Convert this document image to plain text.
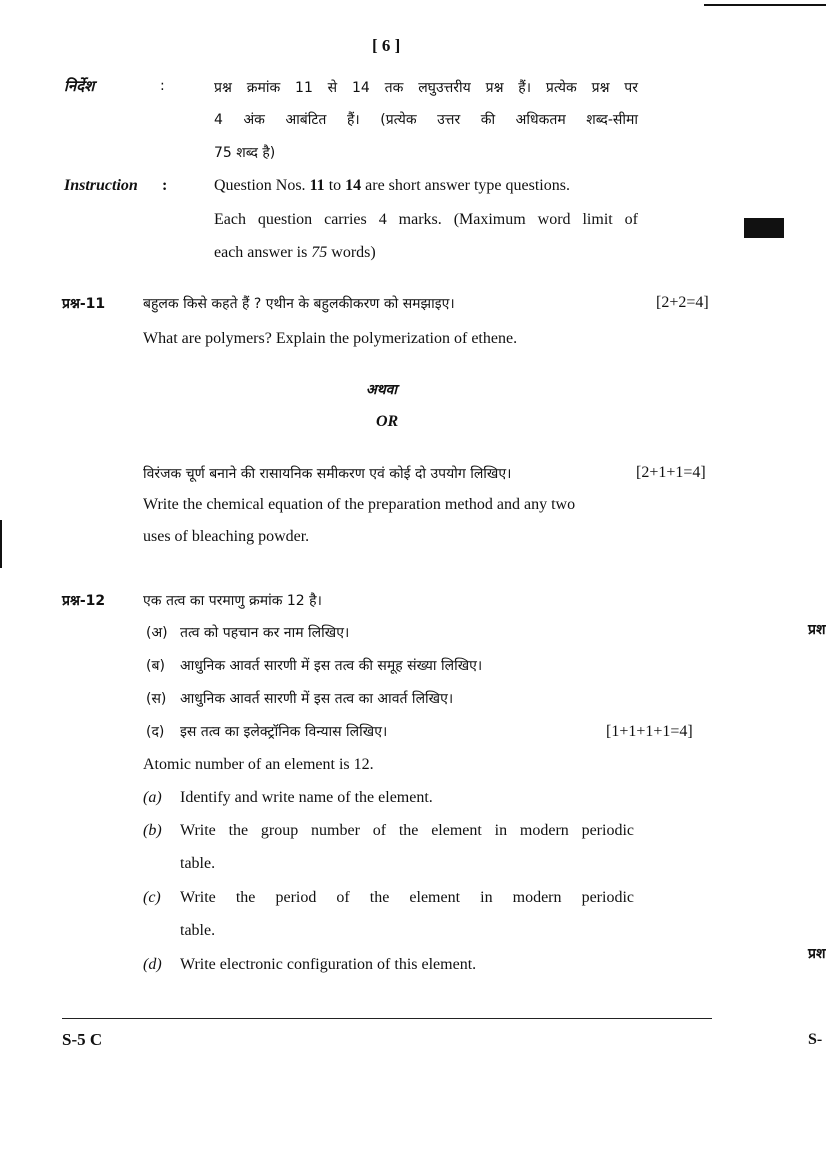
[ 6 ]
निर्देश	:	प्रश्न क्रमांक 11 से 14 तक लघुउत्तरीय प्रश्न हैं। प्रत्येक प्रश्न पर
4 अंक आबंटित हैं। (प्रत्येक उत्तर की अधिकतम शब्द-सीमा
75 शब्द है)
Instruction :	Question Nos. 11 to 14 are short answer type questions.
Each question carries 4 marks. (Maximum word limit of
each answer is 75 words)
प्रश्न-11	बहुलक किसे कहते हैं ? एथीन के बहुलकीकरण को समझाइए।	[2+2=4]
What are polymers? Explain the polymerization of ethene.
अथवा
OR
विरंजक चूर्ण बनाने की रासायनिक समीकरण एवं कोई दो उपयोग लिखिए।	[2+1+1=4]
Write the chemical equation of the preparation method and any two
uses of bleaching powder.
प्रश्न-12	एक तत्व का परमाणु क्रमांक 12 है।
(अ) तत्व को पहचान कर नाम लिखिए।
(ब) आधुनिक आवर्त सारणी में इस तत्व की समूह संख्या लिखिए।
(स) आधुनिक आवर्त सारणी में इस तत्व का आवर्त लिखिए।
(द) इस तत्व का इलेक्ट्रॉनिक विन्यास लिखिए।	[1+1+1+1=4]
Atomic number of an element is 12.
(a) Identify and write name of the element.
(b) Write the group number of the element in modern periodic
table.
(c) Write the period of the element in modern periodic
table.
(d) Write electronic configuration of this element.
S-5 C
प्रश
प्रश
S-
